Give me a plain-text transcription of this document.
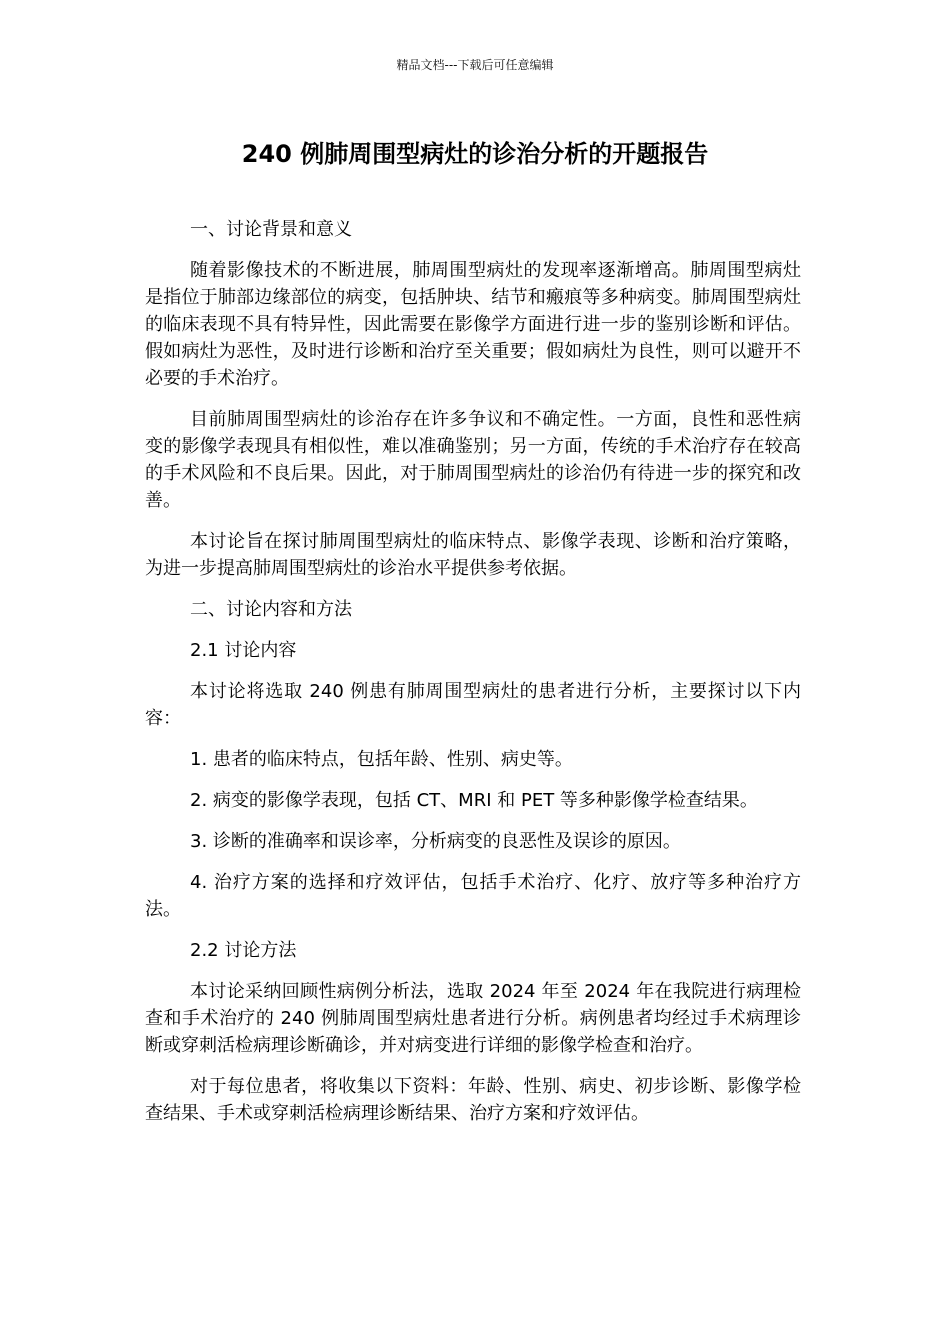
精品文档---下载后可任意编辑
240 例肺周围型病灶的诊治分析的开题报告

一、讨论背景和意义

随着影像技术的不断进展，肺周围型病灶的发现率逐渐增高。肺周围型病灶是指位于肺部边缘部位的病变，包括肿块、结节和瘢痕等多种病变。肺周围型病灶的临床表现不具有特异性，因此需要在影像学方面进行进一步的鉴别诊断和评估。假如病灶为恶性，及时进行诊断和治疗至关重要；假如病灶为良性，则可以避开不必要的手术治疗。

目前肺周围型病灶的诊治存在许多争议和不确定性。一方面，良性和恶性病变的影像学表现具有相似性，难以准确鉴别；另一方面，传统的手术治疗存在较高的手术风险和不良后果。因此，对于肺周围型病灶的诊治仍有待进一步的探究和改善。

本讨论旨在探讨肺周围型病灶的临床特点、影像学表现、诊断和治疗策略，为进一步提高肺周围型病灶的诊治水平提供参考依据。

二、讨论内容和方法

2.1 讨论内容

本讨论将选取 240 例患有肺周围型病灶的患者进行分析，主要探讨以下内容：

1. 患者的临床特点，包括年龄、性别、病史等。

2. 病变的影像学表现，包括 CT、MRI 和 PET 等多种影像学检查结果。

3. 诊断的准确率和误诊率，分析病变的良恶性及误诊的原因。

4. 治疗方案的选择和疗效评估，包括手术治疗、化疗、放疗等多种治疗方法。

2.2 讨论方法

本讨论采纳回顾性病例分析法，选取 2024 年至 2024 年在我院进行病理检查和手术治疗的 240 例肺周围型病灶患者进行分析。病例患者均经过手术病理诊断或穿刺活检病理诊断确诊，并对病变进行详细的影像学检查和治疗。

对于每位患者，将收集以下资料：年龄、性别、病史、初步诊断、影像学检查结果、手术或穿刺活检病理诊断结果、治疗方案和疗效评估。
